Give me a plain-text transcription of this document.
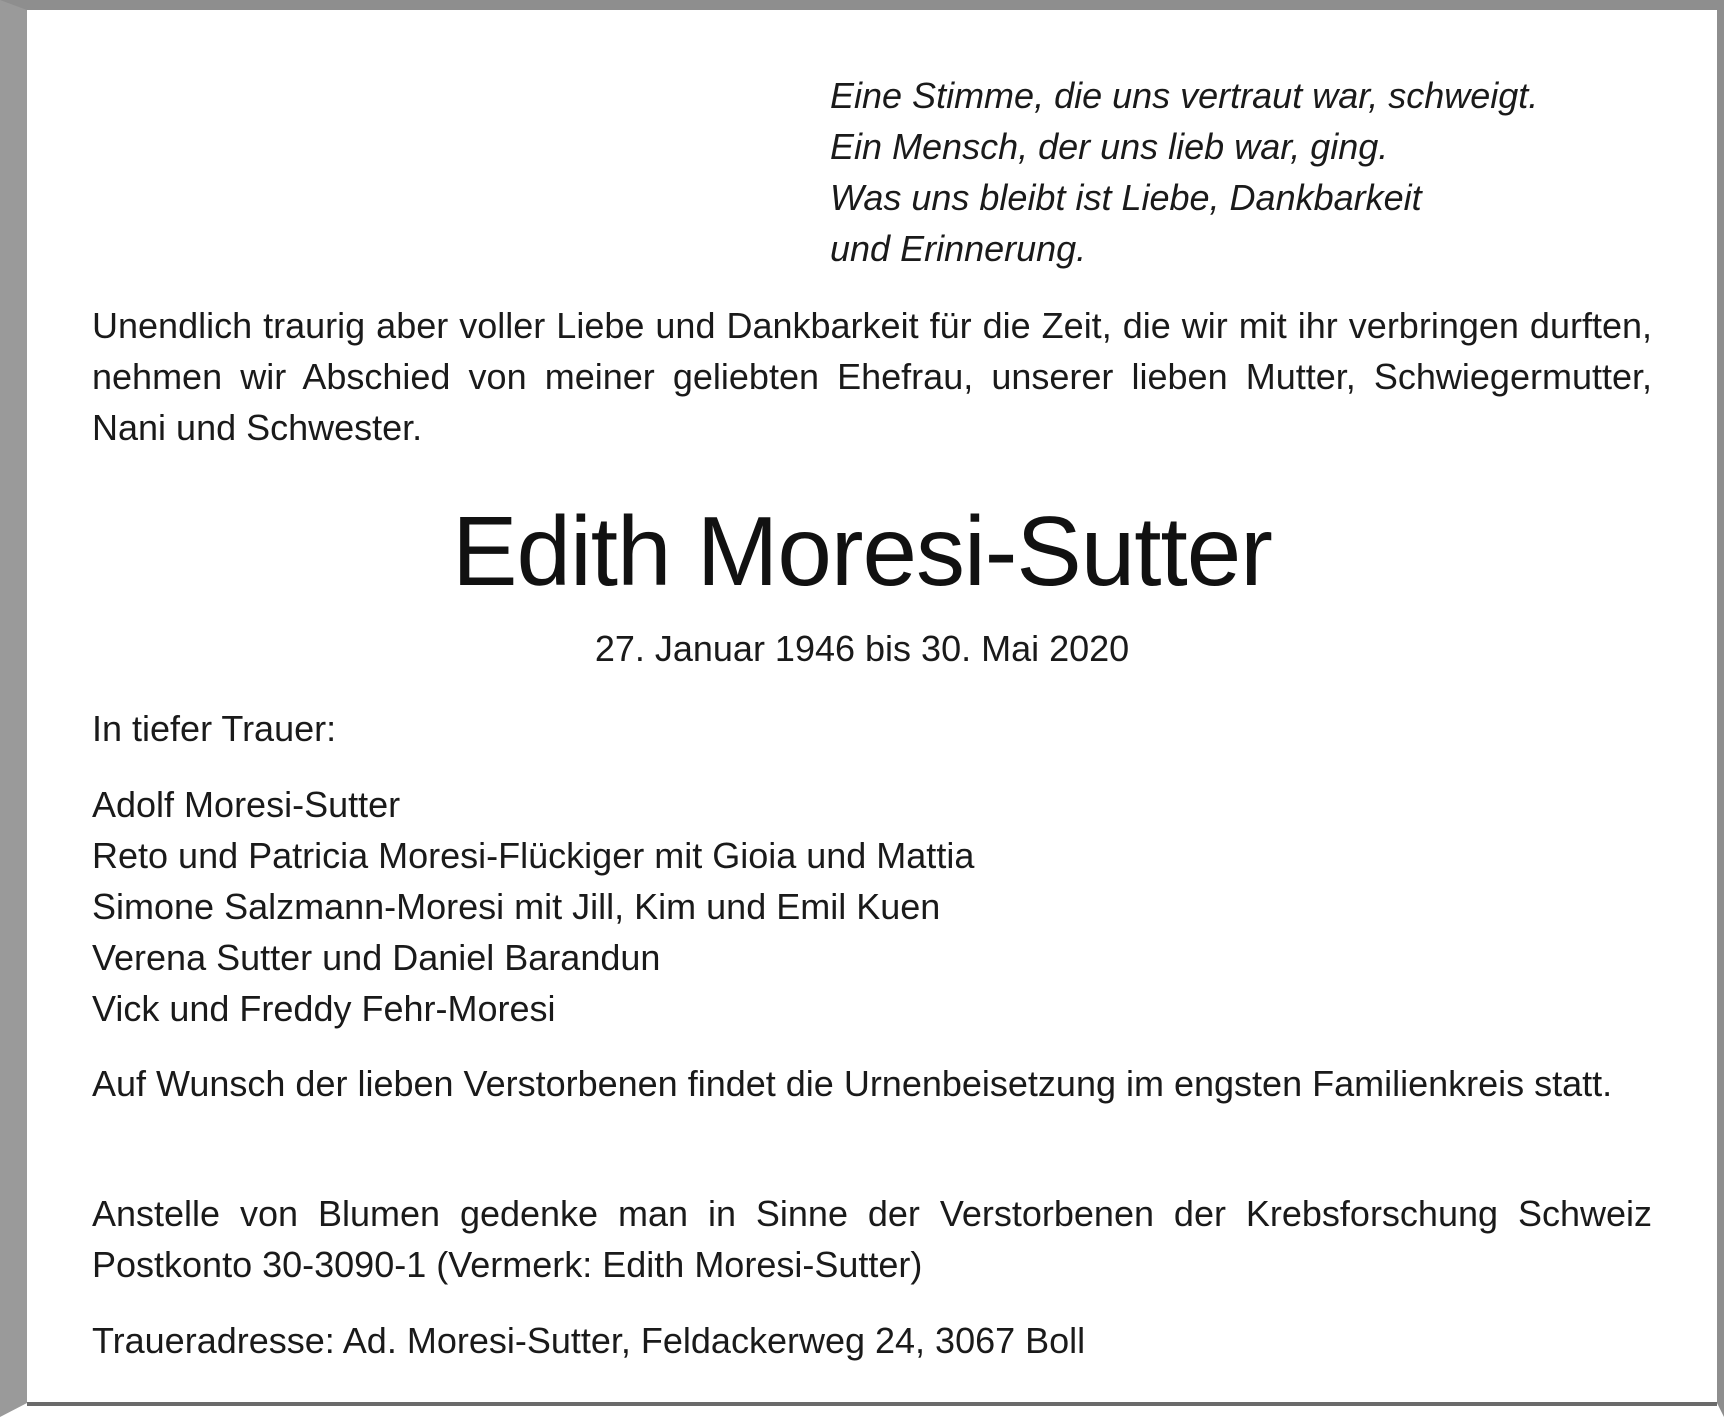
Eine Stimme, die uns vertraut war, schweigt.
Ein Mensch, der uns lieb war, ging.
Was uns bleibt ist Liebe, Dankbarkeit
und Erinnerung.

Unendlich traurig aber voller Liebe und Dankbarkeit für die Zeit, die wir mit ihr verbringen durften, nehmen wir Abschied von meiner geliebten Ehefrau, unserer lieben Mutter, Schwiegermutter, Nani und Schwester.

Edith Moresi-Sutter

27. Januar 1946 bis 30. Mai 2020

In tiefer Trauer:

Adolf Moresi-Sutter
Reto und Patricia Moresi-Flückiger mit Gioia und Mattia
Simone Salzmann-Moresi mit Jill, Kim und Emil Kuen
Verena Sutter und Daniel Barandun
Vick und Freddy Fehr-Moresi

Auf Wunsch der lieben Verstorbenen findet die Urnenbeisetzung im engsten Familienkreis statt.

Anstelle von Blumen gedenke man in Sinne der Verstorbenen der Krebsforschung Schweiz Postkonto 30-3090-1 (Vermerk: Edith Moresi-Sutter)

Traueradresse: Ad. Moresi-Sutter, Feldackerweg 24, 3067 Boll
